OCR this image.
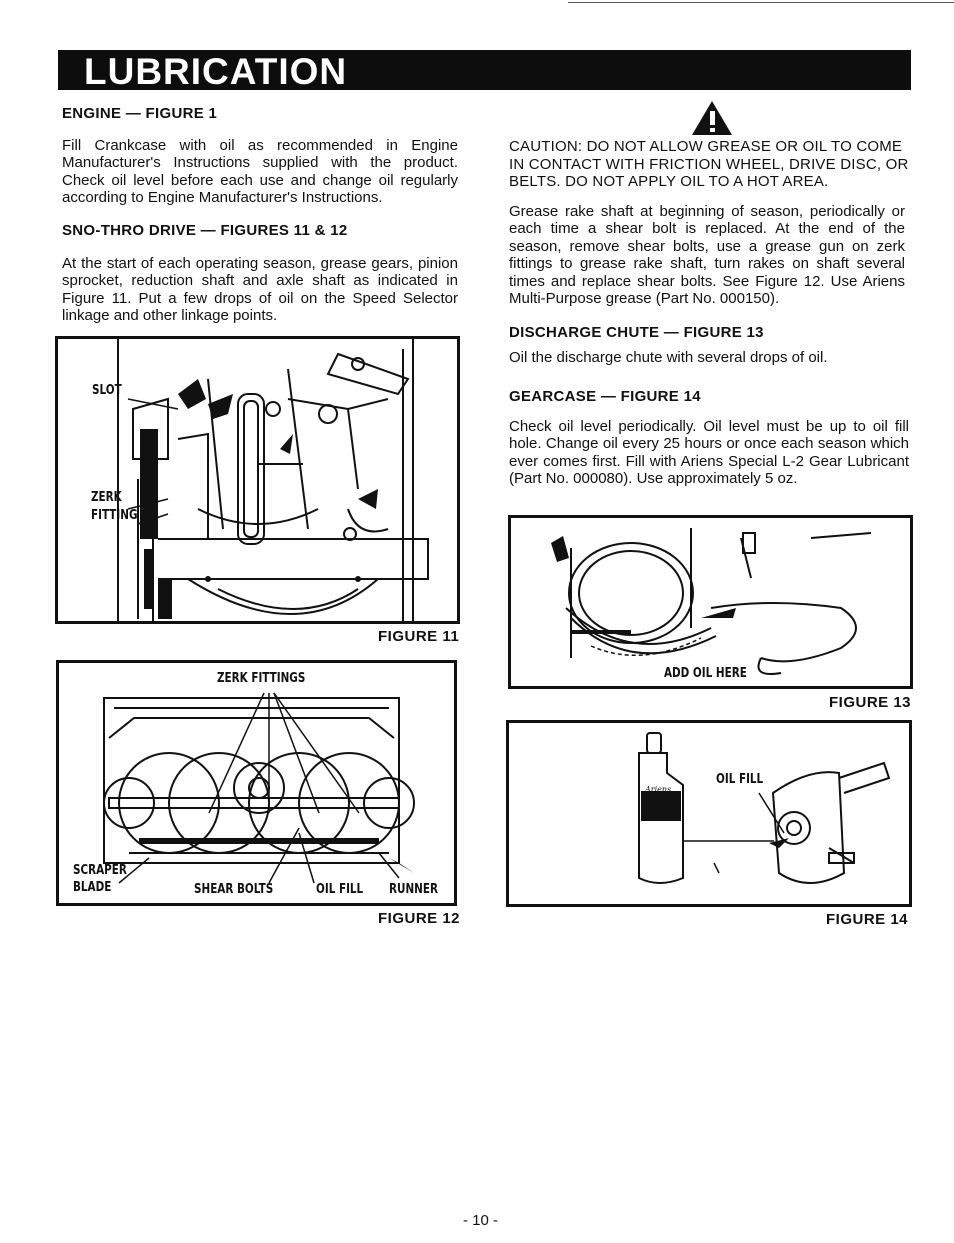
LUBRICATION

ENGINE — FIGURE 1

Fill Crankcase with oil as recommended in Engine Manufacturer's Instructions supplied with the product. Check oil level before each use and change oil regularly according to Engine Manufacturer's Instructions.

SNO-THRO DRIVE — FIGURES 11 & 12

At the start of each operating season, grease gears, pinion sprocket, reduction shaft and axle shaft as indicated in Figure 11. Put a few drops of oil on the Speed Selector linkage and other linkage points.

SLOT
ZERK
FITTING
FIGURE 11
ZERK FITTINGS
SCRAPER
BLADE	SHEAR BOLTS	OIL FILL RUNNER
FIGURE 12

CAUTION: DO NOT ALLOW GREASE OR OIL TO COME IN CONTACT WITH FRICTION WHEEL, DRIVE DISC, OR BELTS. DO NOT APPLY OIL TO A HOT AREA.

Grease rake shaft at beginning of season, periodically or each time a shear bolt is replaced. At the end of the season, remove shear bolts, use a grease gun on zerk fittings to grease rake shaft, turn rakes on shaft several times and replace shear bolts. See Figure 12. Use Ariens Multi-Purpose grease (Part No. 000150).

DISCHARGE CHUTE — FIGURE 13

Oil the discharge chute with several drops of oil.

GEARCASE — FIGURE 14

Check oil level periodically. Oil level must be up to oil fill hole. Change oil every 25 hours or once each season which ever comes first. Fill with Ariens Special L-2 Gear Lubricant (Part No. 000080). Use approximately 5 oz.

ADD OIL HERE
FIGURE 13
OIL FILL
Ariens
FIGURE 14
- 10 -
